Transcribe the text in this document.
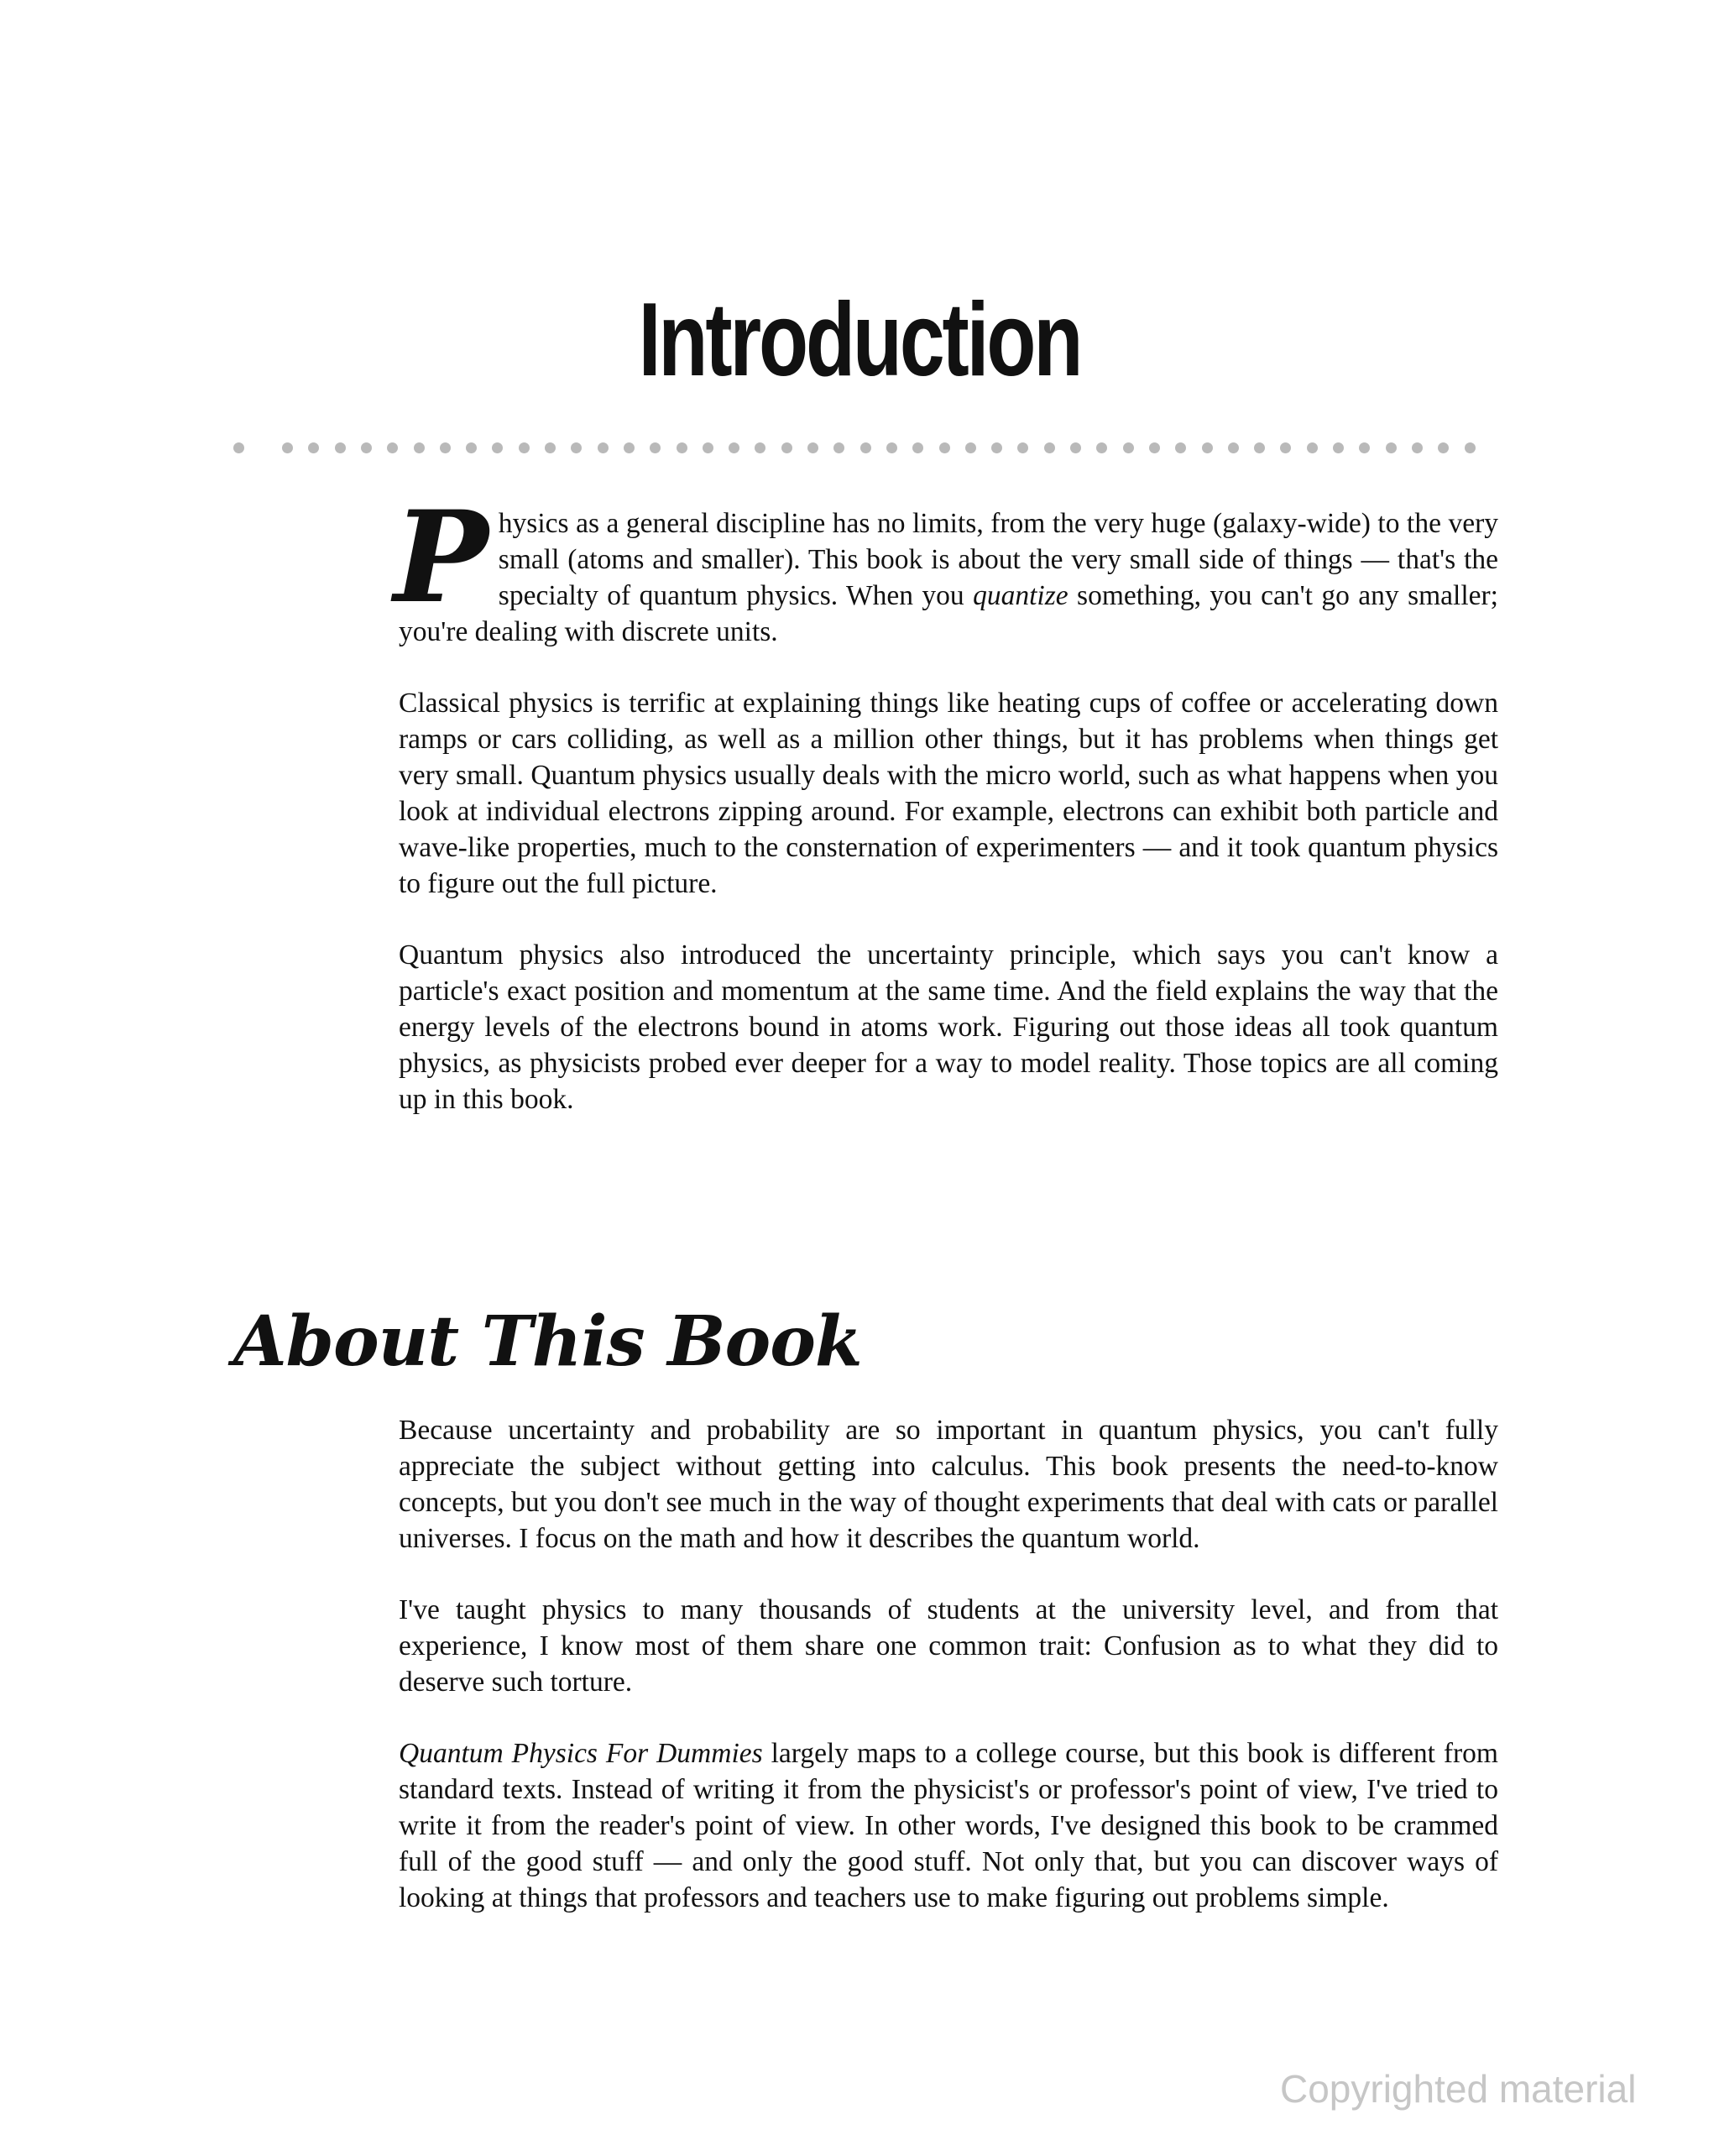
Introduction

Physics as a general discipline has no limits, from the very huge (galaxy-wide) to the very small (atoms and smaller). This book is about the very small side of things — that's the specialty of quantum physics. When you quantize something, you can't go any smaller; you're dealing with discrete units.

Classical physics is terrific at explaining things like heating cups of coffee or accelerating down ramps or cars colliding, as well as a million other things, but it has problems when things get very small. Quantum physics usually deals with the micro world, such as what happens when you look at individual electrons zipping around. For example, electrons can exhibit both particle and wave-like properties, much to the consternation of experimenters — and it took quantum physics to figure out the full picture.

Quantum physics also introduced the uncertainty principle, which says you can't know a particle's exact position and momentum at the same time. And the field explains the way that the energy levels of the electrons bound in atoms work. Figuring out those ideas all took quantum physics, as physicists probed ever deeper for a way to model reality. Those topics are all coming up in this book.

About This Book

Because uncertainty and probability are so important in quantum physics, you can't fully appreciate the subject without getting into calculus. This book presents the need-to-know concepts, but you don't see much in the way of thought experiments that deal with cats or parallel universes. I focus on the math and how it describes the quantum world.

I've taught physics to many thousands of students at the university level, and from that experience, I know most of them share one common trait: Confusion as to what they did to deserve such torture.

Quantum Physics For Dummies largely maps to a college course, but this book is different from standard texts. Instead of writing it from the physicist's or professor's point of view, I've tried to write it from the reader's point of view. In other words, I've designed this book to be crammed full of the good stuff — and only the good stuff. Not only that, but you can discover ways of looking at things that professors and teachers use to make figuring out problems simple.

Copyrighted material
